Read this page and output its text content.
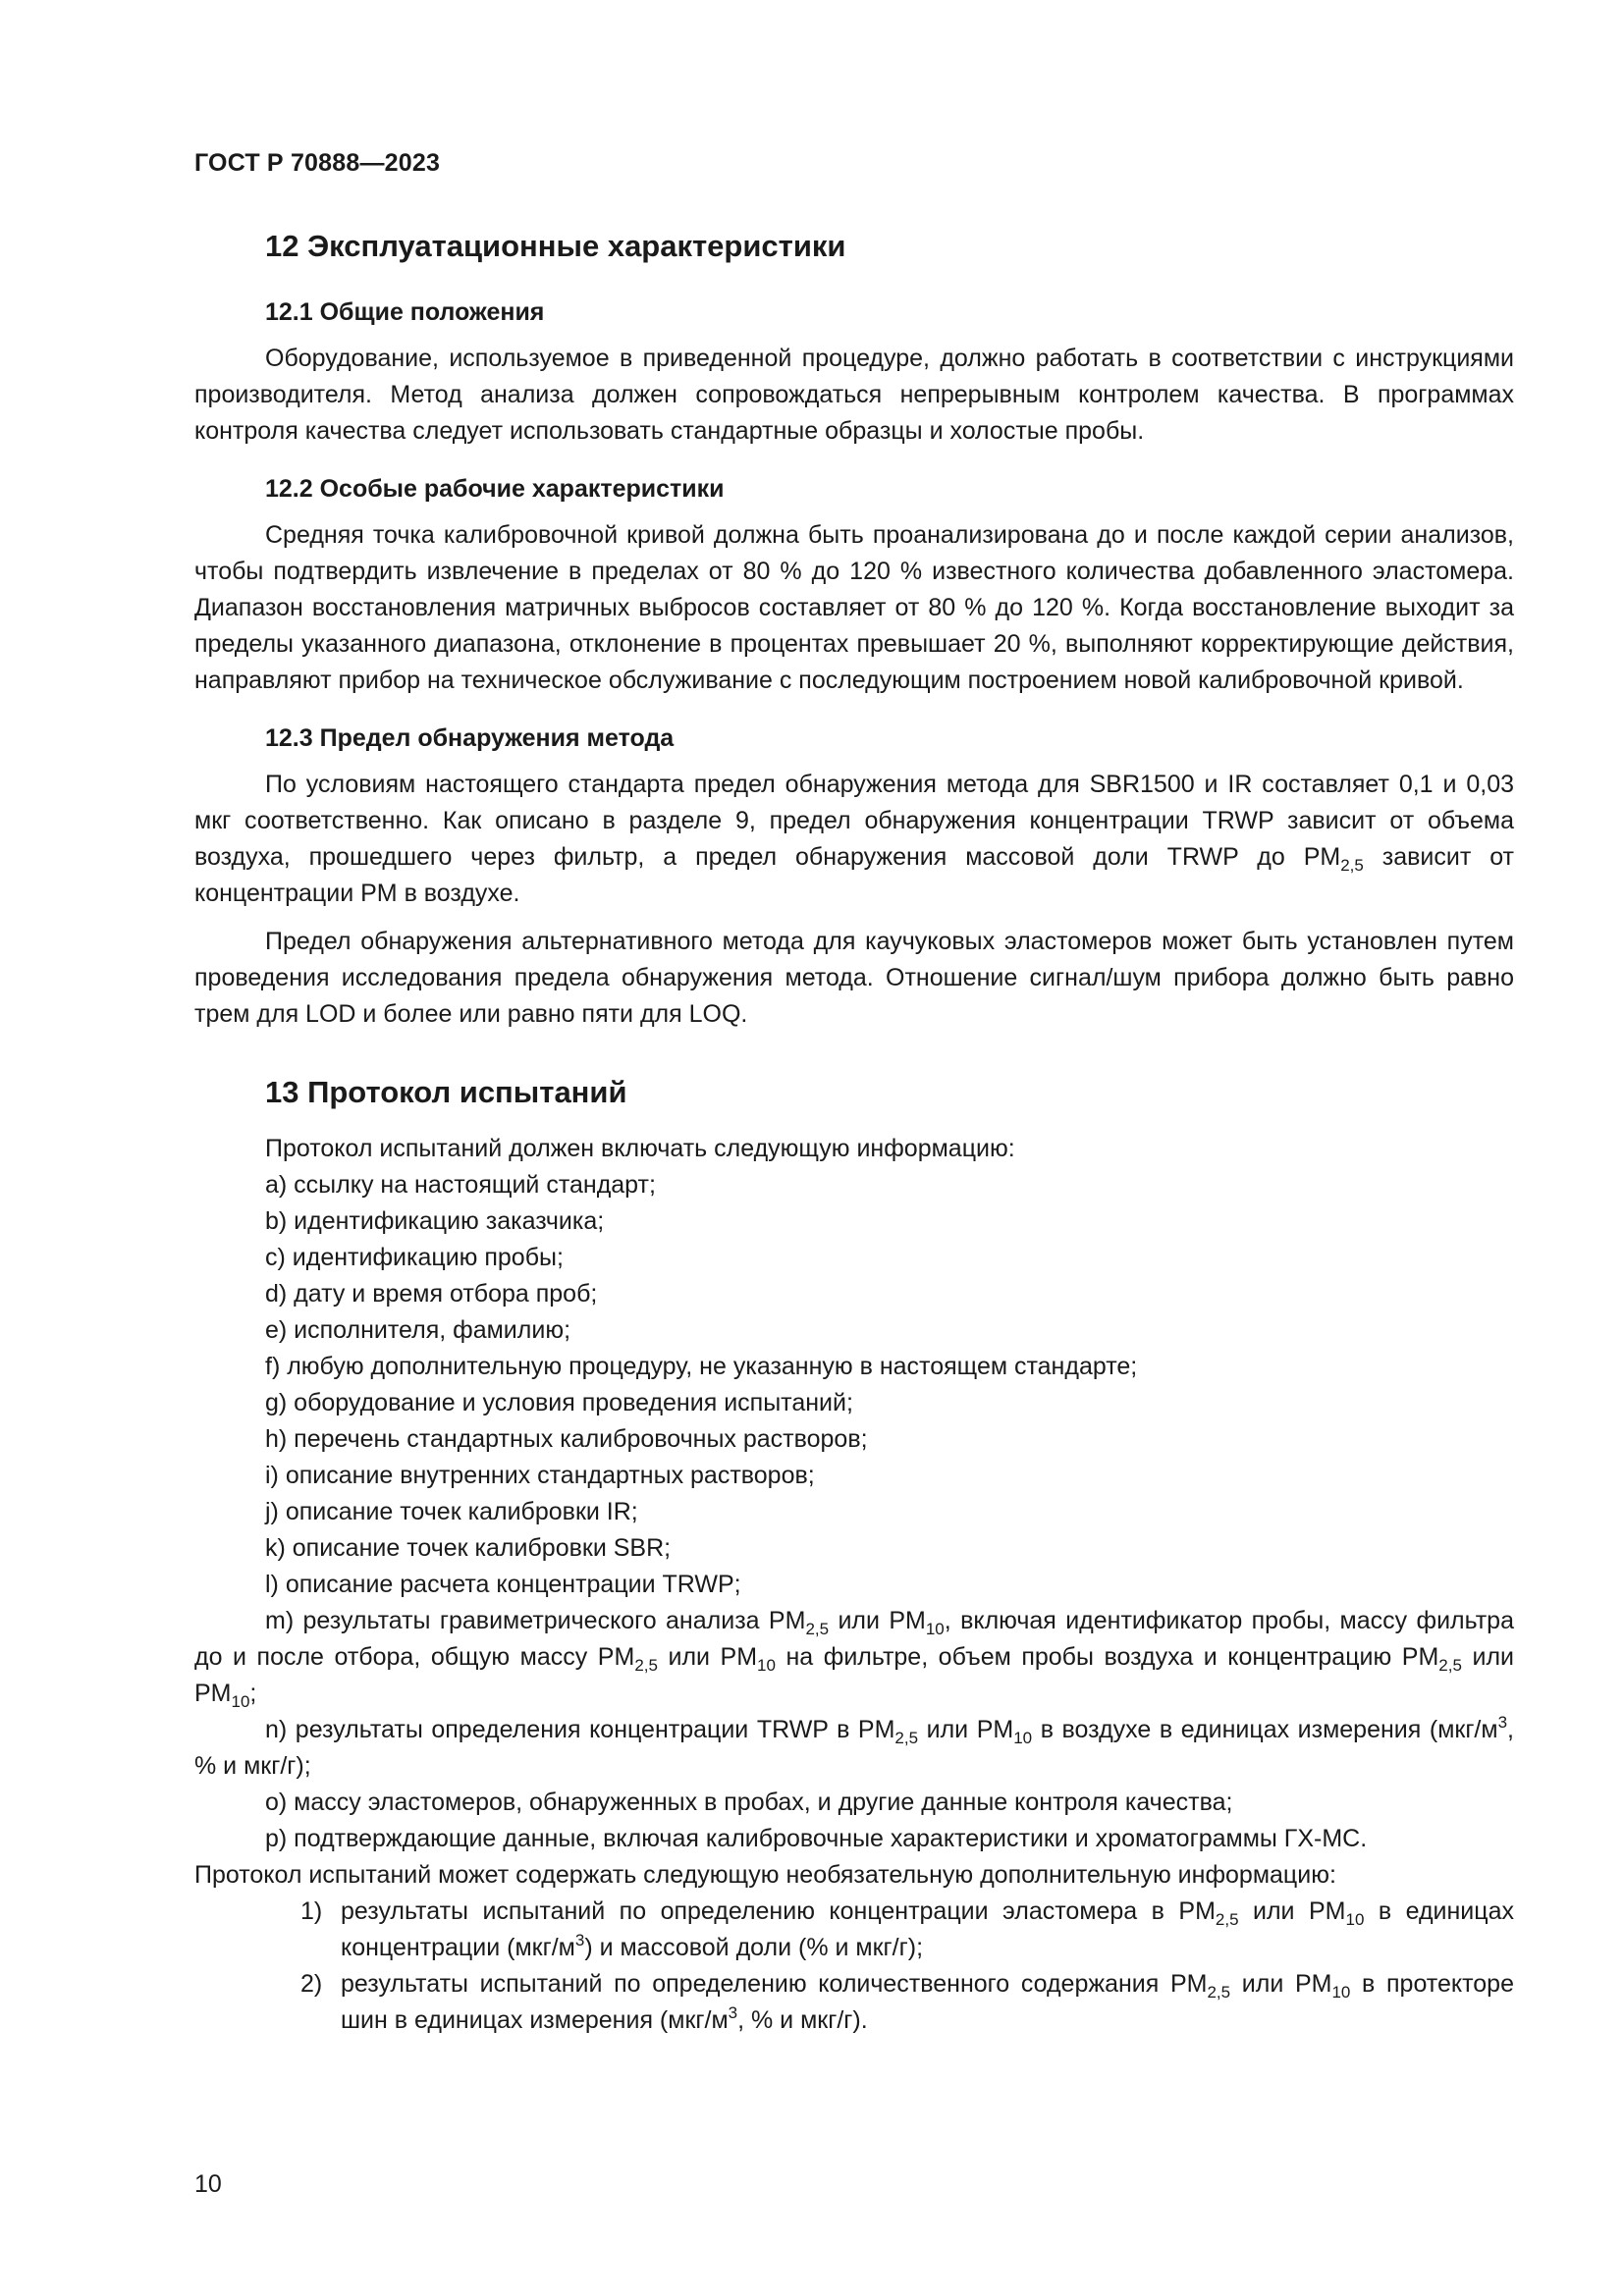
ГОСТ Р 70888—2023
12 Эксплуатационные характеристики
12.1 Общие положения

Оборудование, используемое в приведенной процедуре, должно работать в соответствии с инструкциями производителя. Метод анализа должен сопровождаться непрерывным контролем качества. В программах контроля качества следует использовать стандартные образцы и холостые пробы.

12.2 Особые рабочие характеристики

Средняя точка калибровочной кривой должна быть проанализирована до и после каждой серии анализов, чтобы подтвердить извлечение в пределах от 80 % до 120 % известного количества добавленного эластомера. Диапазон восстановления матричных выбросов составляет от 80 % до 120 %. Когда восстановление выходит за пределы указанного диапазона, отклонение в процентах превышает 20 %, выполняют корректирующие действия, направляют прибор на техническое обслуживание с последующим построением новой калибровочной кривой.

12.3 Предел обнаружения метода

По условиям настоящего стандарта предел обнаружения метода для SBR1500 и IR составляет 0,1 и 0,03 мкг соответственно. Как описано в разделе 9, предел обнаружения концентрации TRWP зависит от объема воздуха, прошедшего через фильтр, а предел обнаружения массовой доли TRWP до $PM_{2,5}$ зависит от концентрации PM в воздухе.

Предел обнаружения альтернативного метода для каучуковых эластомеров может быть установлен путем проведения исследования предела обнаружения метода. Отношение сигнал/шум прибора должно быть равно трем для LOD и более или равно пяти для LOQ.

13 Протокол испытаний

Протокол испытаний должен включать следующую информацию:

a) ссылку на настоящий стандарт;
b) идентификацию заказчика;
c) идентификацию пробы;
d) дату и время отбора проб;
e) исполнителя, фамилию;
f) любую дополнительную процедуру, не указанную в настоящем стандарте;
g) оборудование и условия проведения испытаний;
h) перечень стандартных калибровочных растворов;
i) описание внутренних стандартных растворов;
j) описание точек калибровки IR;
k) описание точек калибровки SBR;
l) описание расчета концентрации TRWP;
m) результаты гравиметрического анализа $PM_{2,5}$ или $PM_{10}$, включая идентификатор пробы, массу фильтра до и после отбора, общую массу $PM_{2,5}$ или $PM_{10}$ на фильтре, объем пробы воздуха и концентрацию $PM_{2,5}$ или $PM_{10}$;
n) результаты определения концентрации TRWP в $PM_{2,5}$ или $PM_{10}$ в воздухе в единицах измерения ($мкг/м^3$, % и мкг/г);
o) массу эластомеров, обнаруженных в пробах, и другие данные контроля качества;
p) подтверждающие данные, включая калибровочные характеристики и хроматограммы ГХ-МС.

Протокол испытаний может содержать следующую необязательную дополнительную информацию:

1) результаты испытаний по определению концентрации эластомера в $PM_{2,5}$ или $PM_{10}$ в единицах концентрации $(мкг/м^3)$ и массовой доли (% и мкг/г);
2) результаты испытаний по определению количественного содержания $PM_{2,5}$ или $PM_{10}$ в протекторе шин в единицах измерения ($мкг/м^3$, % и мкг/г).
10
